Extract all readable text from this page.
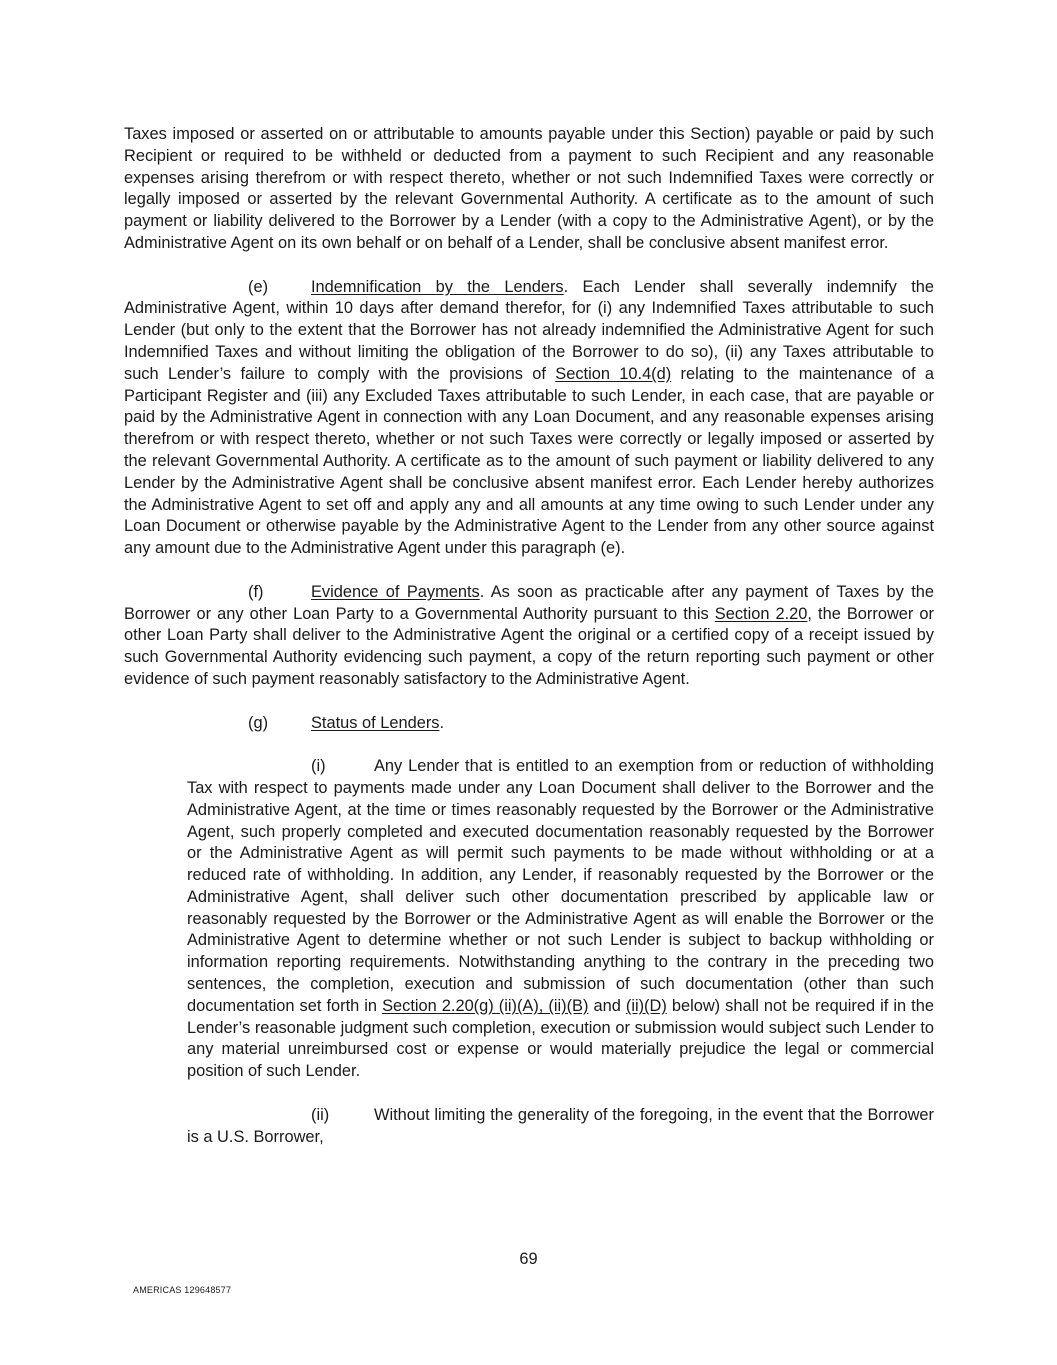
Taxes imposed or asserted on or attributable to amounts payable under this Section) payable or paid by such Recipient or required to be withheld or deducted from a payment to such Recipient and any reasonable expenses arising therefrom or with respect thereto, whether or not such Indemnified Taxes were correctly or legally imposed or asserted by the relevant Governmental Authority. A certificate as to the amount of such payment or liability delivered to the Borrower by a Lender (with a copy to the Administrative Agent), or by the Administrative Agent on its own behalf or on behalf of a Lender, shall be conclusive absent manifest error.

(e)	Indemnification by the Lenders. Each Lender shall severally indemnify the Administrative Agent, within 10 days after demand therefor, for (i) any Indemnified Taxes attributable to such Lender (but only to the extent that the Borrower has not already indemnified the Administrative Agent for such Indemnified Taxes and without limiting the obligation of the Borrower to do so), (ii) any Taxes attributable to such Lender’s failure to comply with the provisions of Section 10.4(d) relating to the maintenance of a Participant Register and (iii) any Excluded Taxes attributable to such Lender, in each case, that are payable or paid by the Administrative Agent in connection with any Loan Document, and any reasonable expenses arising therefrom or with respect thereto, whether or not such Taxes were correctly or legally imposed or asserted by the relevant Governmental Authority. A certificate as to the amount of such payment or liability delivered to any Lender by the Administrative Agent shall be conclusive absent manifest error. Each Lender hereby authorizes the Administrative Agent to set off and apply any and all amounts at any time owing to such Lender under any Loan Document or otherwise payable by the Administrative Agent to the Lender from any other source against any amount due to the Administrative Agent under this paragraph (e).

(f)	Evidence of Payments. As soon as practicable after any payment of Taxes by the Borrower or any other Loan Party to a Governmental Authority pursuant to this Section 2.20, the Borrower or other Loan Party shall deliver to the Administrative Agent the original or a certified copy of a receipt issued by such Governmental Authority evidencing such payment, a copy of the return reporting such payment or other evidence of such payment reasonably satisfactory to the Administrative Agent.

(g)	Status of Lenders.

(i)	Any Lender that is entitled to an exemption from or reduction of withholding Tax with respect to payments made under any Loan Document shall deliver to the Borrower and the Administrative Agent, at the time or times reasonably requested by the Borrower or the Administrative Agent, such properly completed and executed documentation reasonably requested by the Borrower or the Administrative Agent as will permit such payments to be made without withholding or at a reduced rate of withholding. In addition, any Lender, if reasonably requested by the Borrower or the Administrative Agent, shall deliver such other documentation prescribed by applicable law or reasonably requested by the Borrower or the Administrative Agent as will enable the Borrower or the Administrative Agent to determine whether or not such Lender is subject to backup withholding or information reporting requirements. Notwithstanding anything to the contrary in the preceding two sentences, the completion, execution and submission of such documentation (other than such documentation set forth in Section 2.20(g) (ii)(A), (ii)(B) and (ii)(D) below) shall not be required if in the Lender’s reasonable judgment such completion, execution or submission would subject such Lender to any material unreimbursed cost or expense or would materially prejudice the legal or commercial position of such Lender.

(ii)	Without limiting the generality of the foregoing, in the event that the Borrower is a U.S. Borrower,

69
AMERICAS 129648577
